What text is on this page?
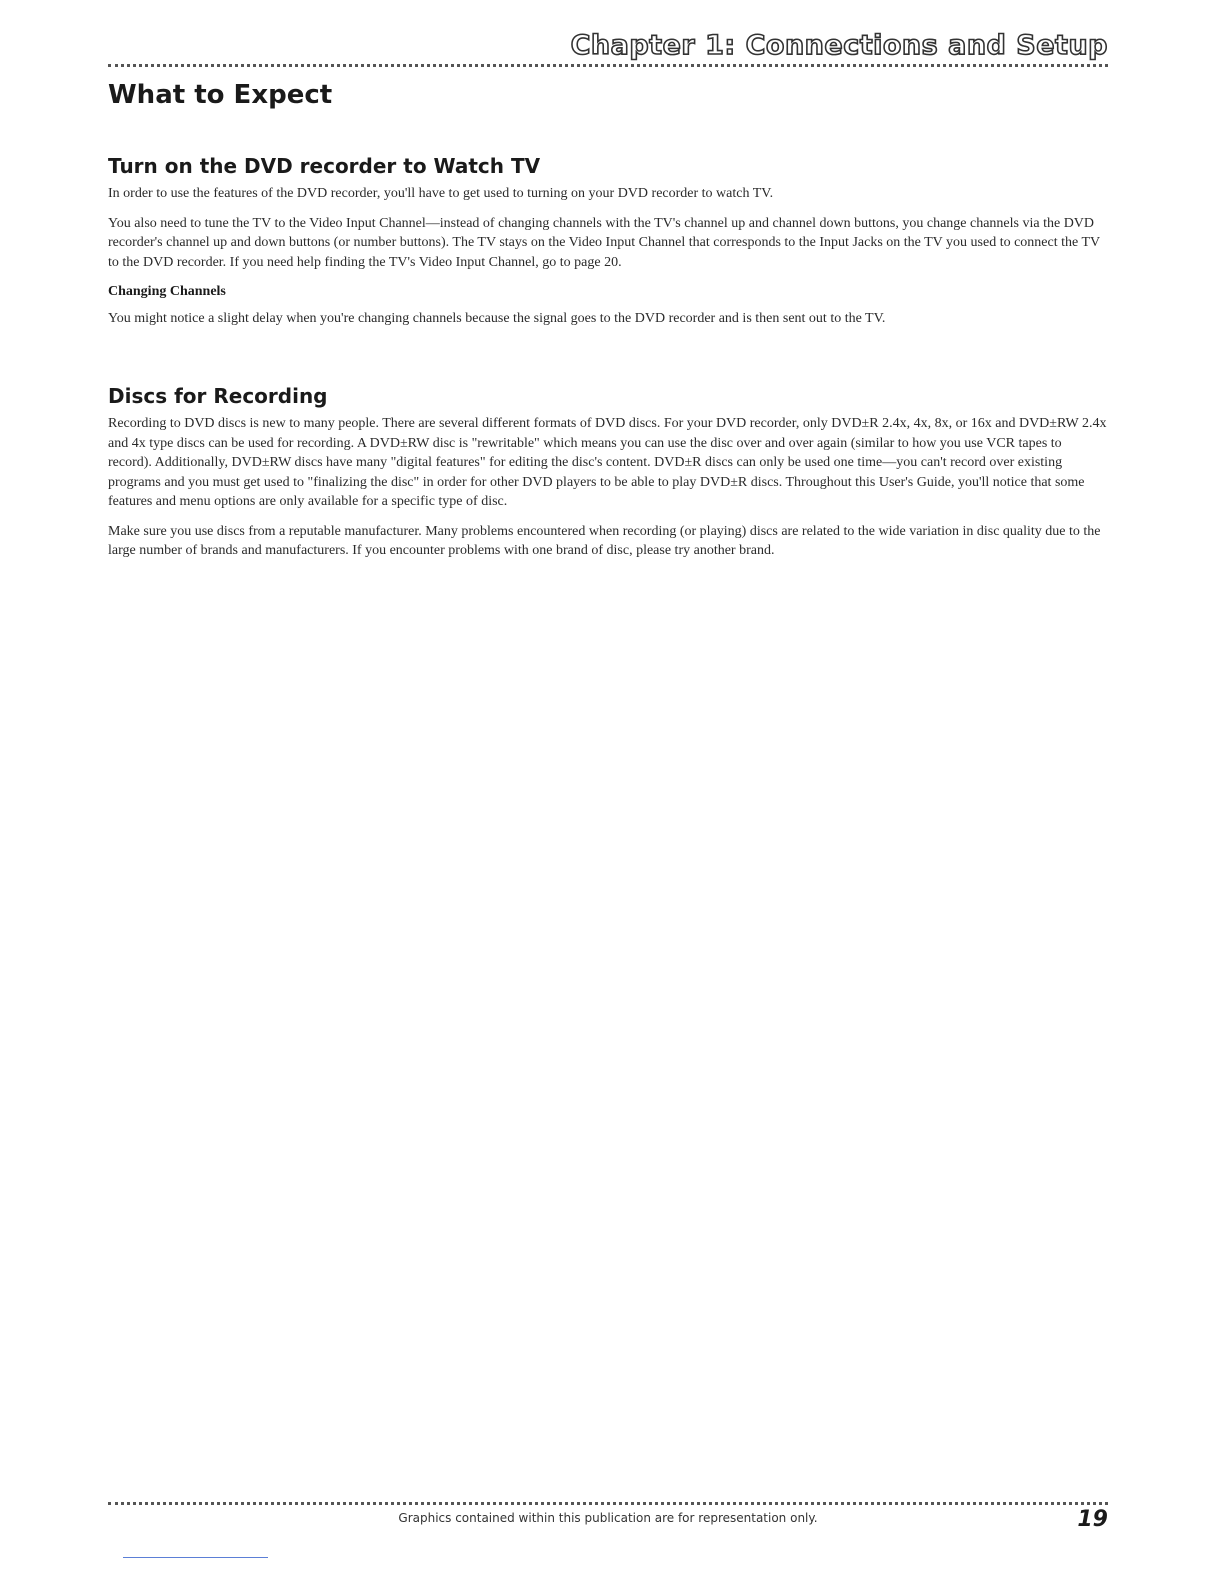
Chapter 1: Connections and Setup
What to Expect
Turn on the DVD recorder to Watch TV

In order to use the features of the DVD recorder, you'll have to get used to turning on your DVD recorder to watch TV.

You also need to tune the TV to the Video Input Channel—instead of changing channels with the TV's channel up and channel down buttons, you change channels via the DVD recorder's channel up and down buttons (or number buttons). The TV stays on the Video Input Channel that corresponds to the Input Jacks on the TV you used to connect the TV to the DVD recorder. If you need help finding the TV's Video Input Channel, go to page 20.

Changing Channels

You might notice a slight delay when you're changing channels because the signal goes to the DVD recorder and is then sent out to the TV.

Discs for Recording

Recording to DVD discs is new to many people. There are several different formats of DVD discs. For your DVD recorder, only DVD±R 2.4x, 4x, 8x, or 16x and DVD±RW 2.4x and 4x type discs can be used for recording. A DVD±RW disc is "rewritable" which means you can use the disc over and over again (similar to how you use VCR tapes to record). Additionally, DVD±RW discs have many "digital features" for editing the disc's content. DVD±R discs can only be used one time—you can't record over existing programs and you must get used to "finalizing the disc" in order for other DVD players to be able to play DVD±R discs. Throughout this User's Guide, you'll notice that some features and menu options are only available for a specific type of disc.

Make sure you use discs from a reputable manufacturer. Many problems encountered when recording (or playing) discs are related to the wide variation in disc quality due to the large number of brands and manufacturers. If you encounter problems with one brand of disc, please try another brand.

Graphics contained within this publication are for representation only.	19
